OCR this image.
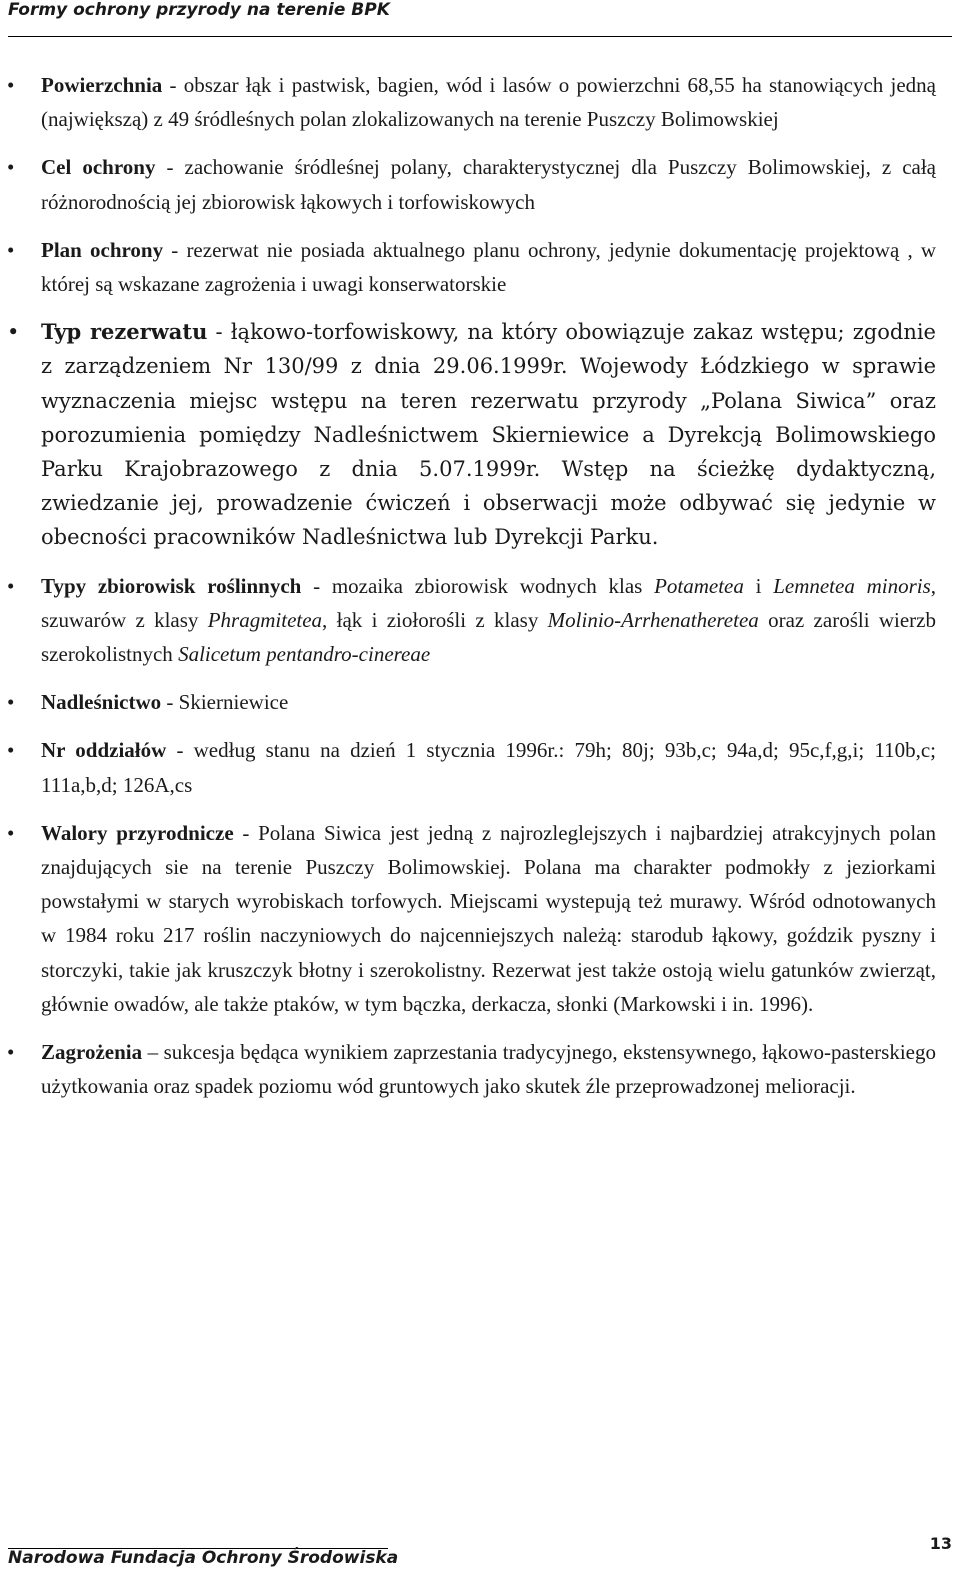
Formy ochrony przyrody na terenie BPK
• Powierzchnia - obszar łąk i pastwisk, bagien, wód i lasów o powierzchni 68,55 ha stanowiących jedną (największą) z 49 śródleśnych polan zlokalizowanych na terenie Puszczy Bolimowskiej
• Cel ochrony - zachowanie śródleśnej polany, charakterystycznej dla Puszczy Bolimowskiej, z całą różnorodnością jej zbiorowisk łąkowych i torfowiskowych
• Plan ochrony - rezerwat nie posiada aktualnego planu ochrony, jedynie dokumentację projektową , w której są wskazane zagrożenia i uwagi konserwatorskie
• Typ rezerwatu - łąkowo-torfowiskowy, na który obowiązuje zakaz wstępu; zgodnie z zarządzeniem Nr 130/99 z dnia 29.06.1999r. Wojewody Łódzkiego w sprawie wyznaczenia miejsc wstępu na teren rezerwatu przyrody „Polana Siwica” oraz porozumienia pomiędzy Nadleśnictwem Skierniewice a Dyrekcją Bolimowskiego Parku Krajobrazowego z dnia 5.07.1999r. Wstęp na ścieżkę dydaktyczną, zwiedzanie jej, prowadzenie ćwiczeń i obserwacji może odbywać się jedynie w obecności pracowników Nadleśnictwa lub Dyrekcji Parku.
• Typy zbiorowisk roślinnych - mozaika zbiorowisk wodnych klas Potametea i Lemnetea minoris, szuwarów z klasy Phragmitetea, łąk i ziołorośli z klasy Molinio-Arrhenatheretea oraz zarośli wierzb szerokolistnych Salicetum pentandro-cinereae
• Nadleśnictwo - Skierniewice
• Nr oddziałów - według stanu na dzień 1 stycznia 1996r.: 79h; 80j; 93b,c; 94a,d; 95c,f,g,i; 110b,c; 111a,b,d; 126A,cs
• Walory przyrodnicze - Polana Siwica jest jedną z najrozleglejszych i najbardziej atrakcyjnych polan znajdujących sie na terenie Puszczy Bolimowskiej. Polana ma charakter podmokły z jeziorkami powstałymi w starych wyrobiskach torfowych. Miejscami wystepują też murawy. Wśród odnotowanych w 1984 roku 217 roślin naczyniowych do najcenniejszych należą: starodub łąkowy, goździk pyszny i storczyki, takie jak kruszczyk błotny i szerokolistny. Rezerwat jest także ostoją wielu gatunków zwierząt, głównie owadów, ale także ptaków, w tym bączka, derkacza, słonki (Markowski i in. 1996).
• Zagrożenia – sukcesja będąca wynikiem zaprzestania tradycyjnego, ekstensywnego, łąkowo-pasterskiego użytkowania oraz spadek poziomu wód gruntowych jako skutek źle przeprowadzonej melioracji.
Narodowa Fundacja Ochrony Środowiska
13
